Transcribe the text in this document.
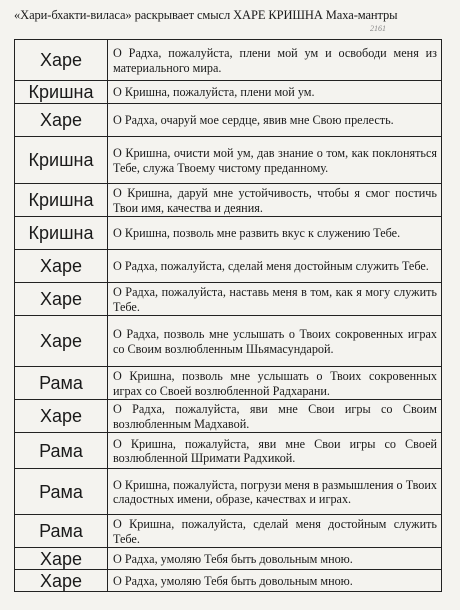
«Хари-бхакти-виласа» раскрывает смысл ХАРЕ КРИШНА Маха-мантры
2161
Харе	О Радха, пожалуйста, плени мой ум и освободи меня из материального мира.
Кришна	О Кришна, пожалуйста, плени мой ум.
Харе	О Радха, очаруй мое сердце, явив мне Свою прелесть.
Кришна	О Кришна, очисти мой ум, дав знание о том, как поклоняться Тебе, служа Твоему чистому преданному.
Кришна	О Кришна, даруй мне устойчивость, чтобы я смог постичь Твои имя, качества и деяния.
Кришна	О Кришна, позволь мне развить вкус к служению Тебе.
Харе	О Радха, пожалуйста, сделай меня достойным служить Тебе.
Харе	О Радха, пожалуйста, наставь меня в том, как я могу служить Тебе.
Харе	О Радха, позволь мне услышать о Твоих сокровенных играх со Своим возлюбленным Шьямасундарой.
Рама	О Кришна, позволь мне услышать о Твоих сокровенных играх со Своей возлюбленной Радхарани.
Харе	О Радха, пожалуйста, яви мне Свои игры со Своим возлюбленным Мадхавой.
Рама	О Кришна, пожалуйста, яви мне Свои игры со Своей возлюбленной Шримати Радхикой.
Рама	О Кришна, пожалуйста, погрузи меня в размышления о Твоих сладостных имени, образе, качествах и играх.
Рама	О Кришна, пожалуйста, сделай меня достойным служить Тебе.
Харе	О Радха, умоляю Тебя быть довольным мною.
Харе	О Радха, умоляю Тебя быть довольным мною.
